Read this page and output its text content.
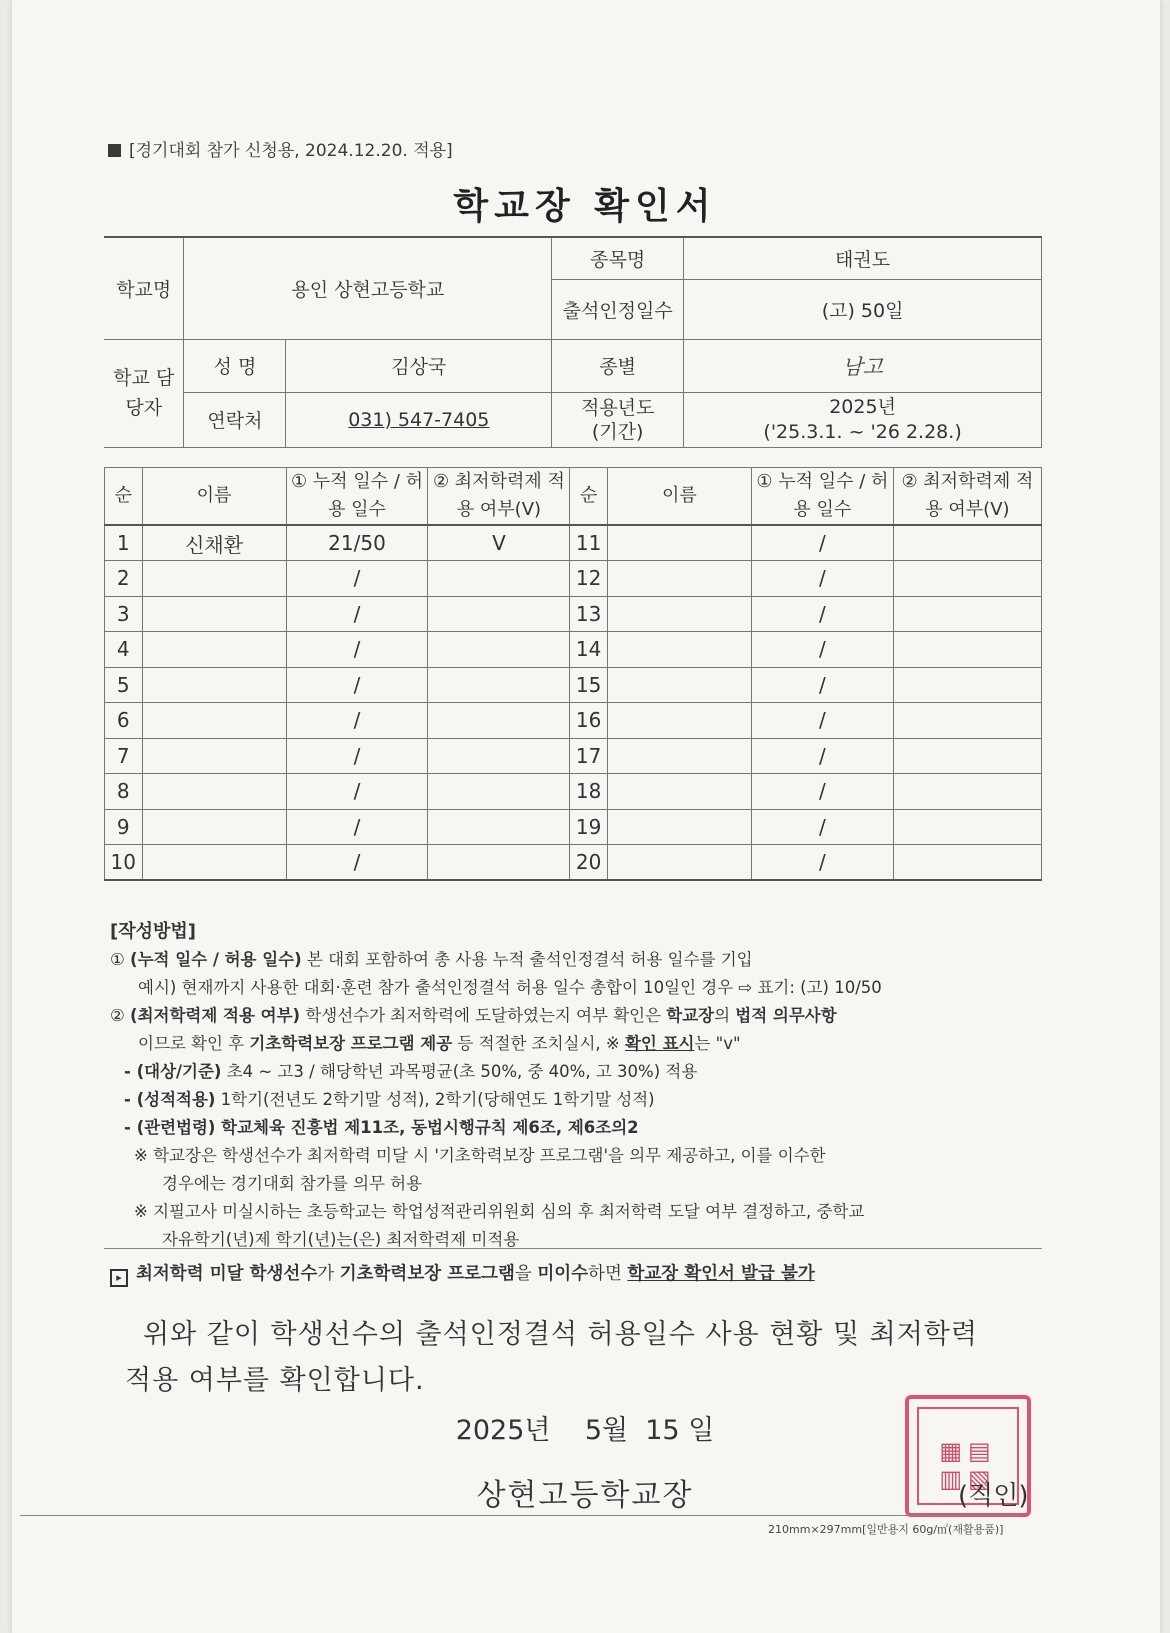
[경기대회 참가 신청용, 2024.12.20. 적용]
학교장 확인서
학교명	용인 상현고등학교		종목명	태권도
			출석인정일수	(고) 50일
학교 담당자	성 명	김상국	종별	남고
	연락처	031) 547-7405	적용년도 (기간)	2025년
('25.3.1. ~ '26 2.28.)
순	이름	① 누적 일수 / 허용 일수	② 최저학력제 적용 여부(V)	순	이름	① 누적 일수 / 허용 일수	② 최저학력제 적용 여부(V)
1	신채환	21/50	V	11		/	
2		/		12		/	
3		/		13		/	
4		/		14		/	
5		/		15		/	
6		/		16		/	
7		/		17		/	
8		/		18		/	
9		/		19		/	
10		/		20		/	
[작성방법]
① (누적 일수 / 허용 일수) 본 대회 포함하여 총 사용 누적 출석인정결석 허용 일수를 기입
예시) 현재까지 사용한 대회·훈련 참가 출석인정결석 허용 일수 총합이 10일인 경우 ⇨ 표기: (고) 10/50
② (최저학력제 적용 여부) 학생선수가 최저학력에 도달하였는지 여부 확인은 학교장의 법적 의무사항
이므로 확인 후 기초학력보장 프로그램 제공 등 적절한 조치실시, ※ 확인 표시는 "v"
- (대상/기준) 초4 ~ 고3 / 해당학년 과목평균(초 50%, 중 40%, 고 30%) 적용
- (성적적용) 1학기(전년도 2학기말 성적), 2학기(당해연도 1학기말 성적)
- (관련법령) 학교체육 진흥법 제11조, 동법시행규칙 제6조, 제6조의2
※ 학교장은 학생선수가 최저학력 미달 시 '기초학력보장 프로그램'을 의무 제공하고, 이를 이수한
경우에는 경기대회 참가를 의무 허용
※ 지필고사 미실시하는 초등학교는 학업성적관리위원회 심의 후 최저학력 도달 여부 결정하고, 중학교
자유학기(년)제 학기(년)는(은) 최저학력제 미적용
▸ 최저학력 미달 학생선수가 기초학력보장 프로그램을 미이수하면 학교장 확인서 발급 불가
위와 같이 학생선수의 출석인정결석 허용일수 사용 현황 및 최저학력
적용 여부를 확인합니다.
2025년    5월  15 일
상현고등학교장
▦▤
▥▧
(직인)
210mm×297mm[일반용지 60g/㎡(재활용품)]
